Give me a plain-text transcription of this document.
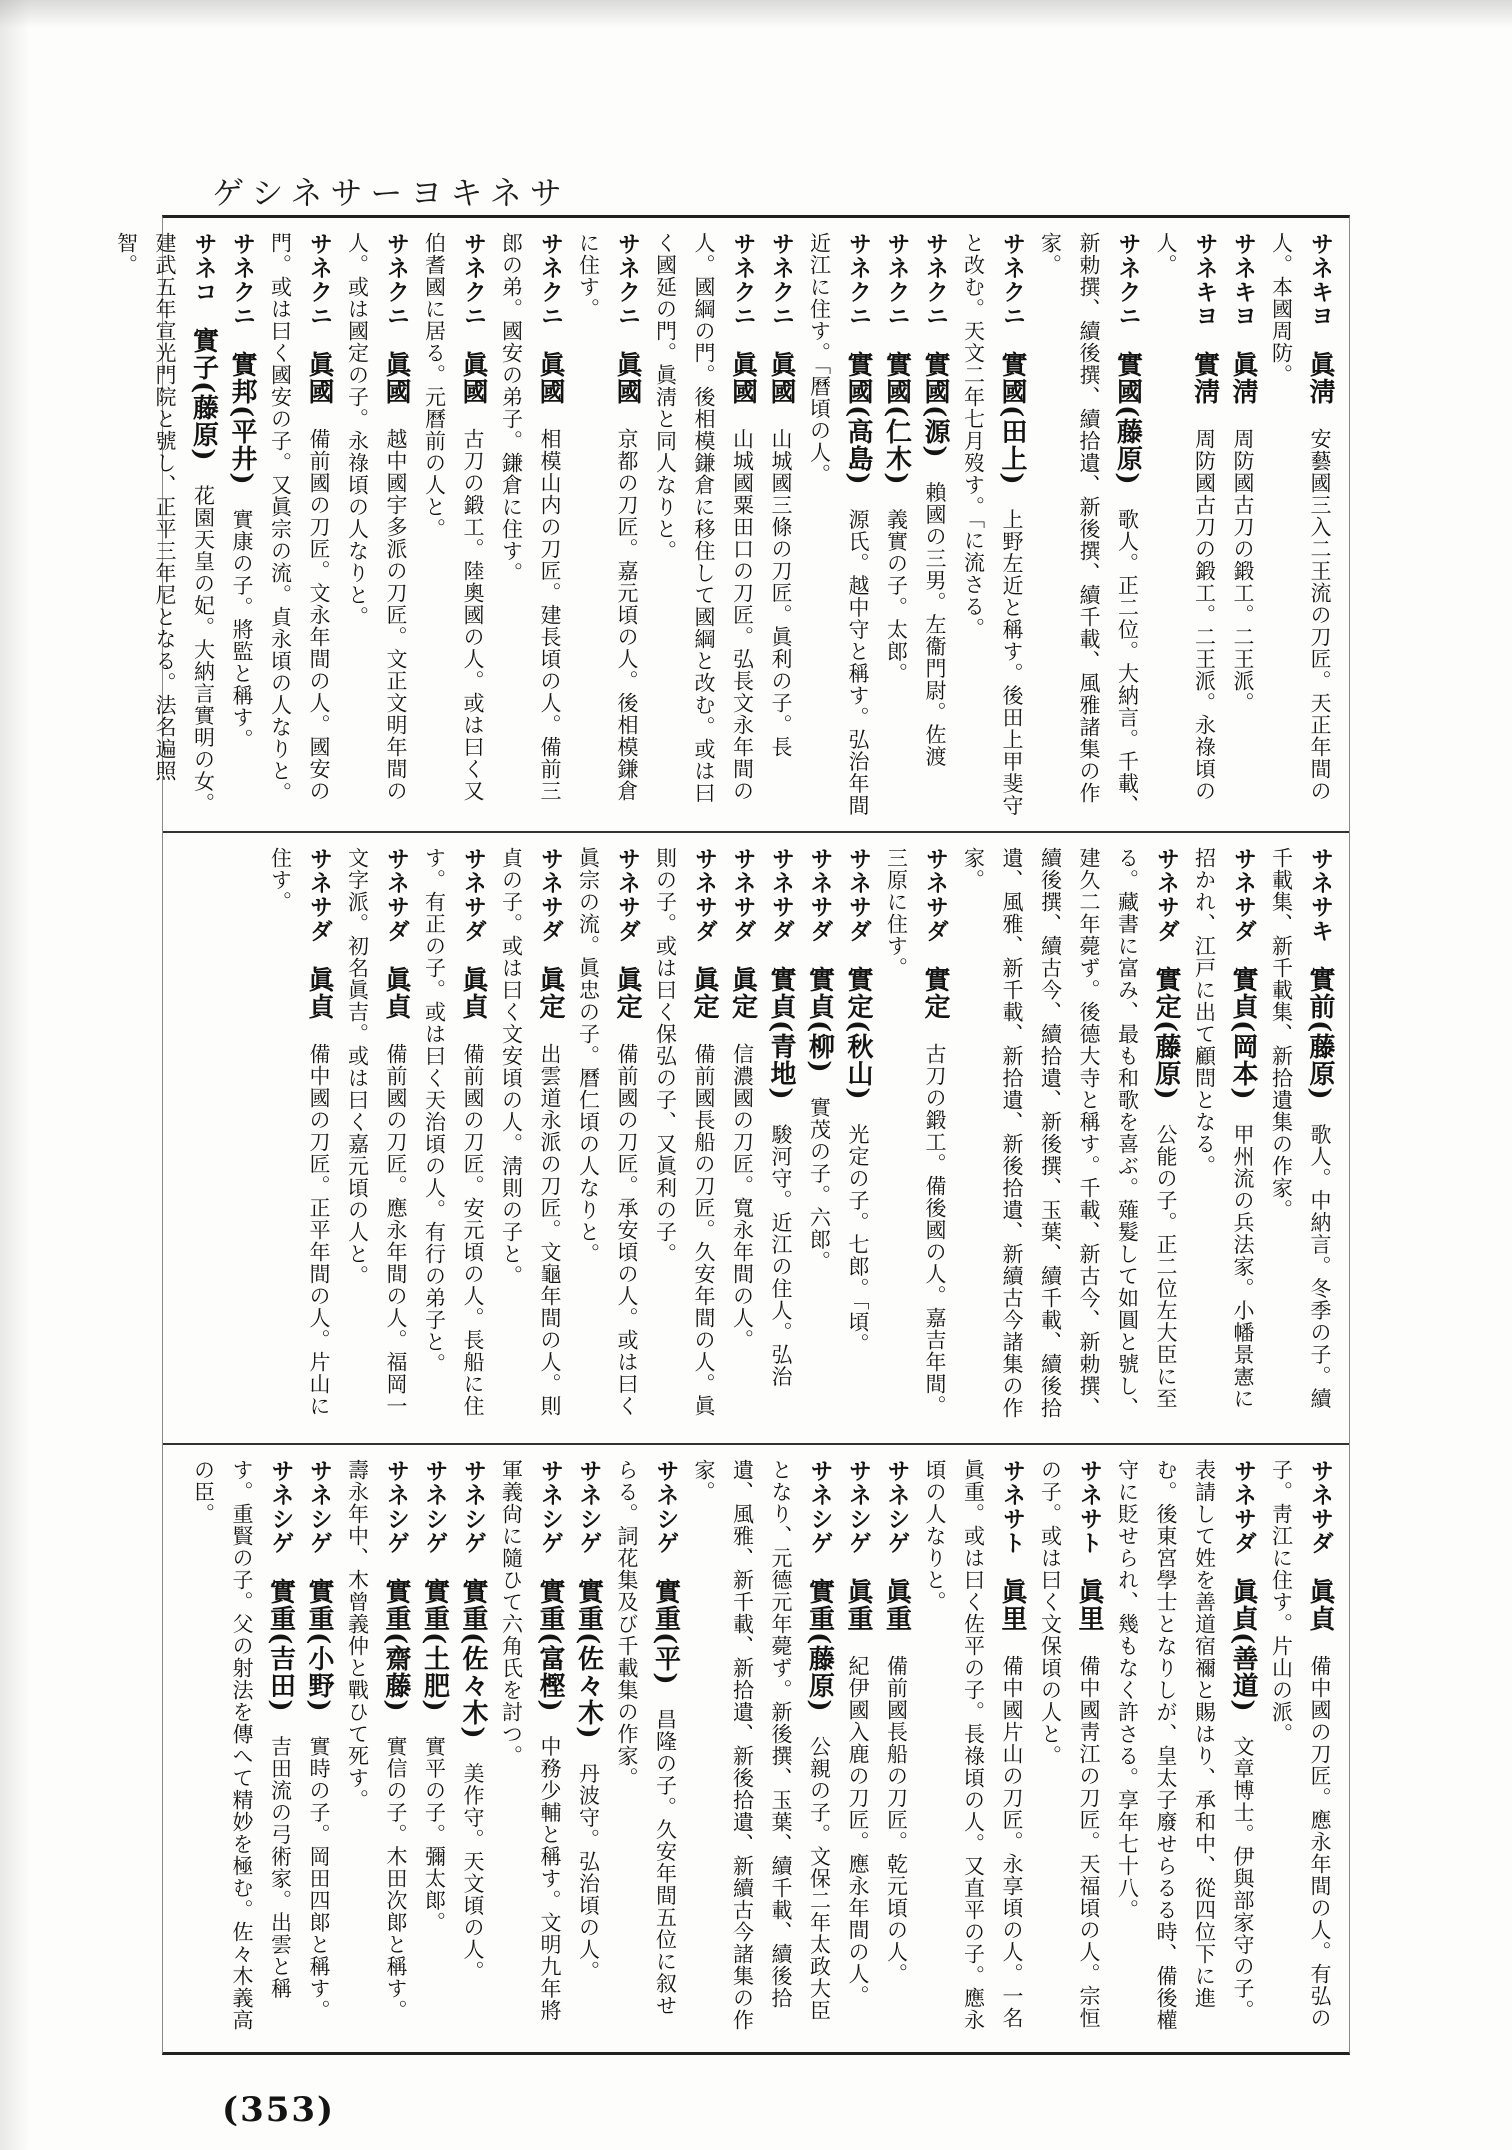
ゲシネサーヨキネサ
サネキヨ　眞淸　安藝國三入二王流の刀匠。天正年間の人。本國周防。
サネキヨ　眞淸　周防國古刀の鍛工。二王派。
サネキヨ　實淸　周防國古刀の鍛工。二王派。永祿頃の人。
サネクニ　實國(藤原)　歌人。正二位。大納言。千載、新勅撰、續後撰、續拾遺、新後撰、續千載、風雅諸集の作家。
サネクニ　實國(田上)　上野左近と稱す。後田上甲斐守と改む。天文二年七月歿す。「に流さる。
サネクニ　實國(源)　賴國の三男。左衞門尉。佐渡
サネクニ　實國(仁木)　義實の子。太郎。
サネクニ　實國(高島)　源氏。越中守と稱す。弘治年間近江に住す。「曆頃の人。
サネクニ　眞國　山城國三條の刀匠。眞利の子。長
サネクニ　眞國　山城國粟田口の刀匠。弘長文永年間の人。國綱の門。後相模鎌倉に移住して國綱と改む。或は曰く國延の門。眞淸と同人なりと。
サネクニ　眞國　京都の刀匠。嘉元頃の人。後相模鎌倉に住す。
サネクニ　眞國　相模山内の刀匠。建長頃の人。備前三郎の弟。國安の弟子。鎌倉に住す。
サネクニ　眞國　古刀の鍛工。陸奧國の人。或は曰く又伯耆國に居る。元曆前の人と。
サネクニ　眞國　越中國宇多派の刀匠。文正文明年間の人。或は國定の子。永祿頃の人なりと。
サネクニ　眞國　備前國の刀匠。文永年間の人。國安の門。或は曰く國安の子。又眞宗の流。貞永頃の人なりと。
サネクニ　實邦(平井)　實康の子。將監と稱す。
サネコ　實子(藤原)　花園天皇の妃。大納言實明の女。建武五年宣光門院と號し、正平三年尼となる。法名遍照智。
サネサキ　實前(藤原)　歌人。中納言。冬季の子。續千載集、新千載集、新拾遺集の作家。
サネサダ　實貞(岡本)　甲州流の兵法家。小幡景憲に招かれ、江戸に出て顧問となる。
サネサダ　實定(藤原)　公能の子。正二位左大臣に至る。藏書に富み、最も和歌を喜ぶ。薙髮して如圓と號し、建久二年薨ず。後德大寺と稱す。千載、新古今、新勅撰、續後撰、續古今、續拾遺、新後撰、玉葉、續千載、續後拾遺、風雅、新千載、新拾遺、新後拾遺、新續古今諸集の作家。
サネサダ　實定　古刀の鍛工。備後國の人。嘉吉年間。三原に住す。
サネサダ　實定(秋山)　光定の子。七郎。「頃。
サネサダ　實貞(柳)　實茂の子。六郎。
サネサダ　實貞(青地)　駿河守。近江の住人。弘治
サネサダ　眞定　信濃國の刀匠。寬永年間の人。
サネサダ　眞定　備前國長船の刀匠。久安年間の人。眞則の子。或は曰く保弘の子、又眞利の子。
サネサダ　眞定　備前國の刀匠。承安頃の人。或は曰く眞宗の流。眞忠の子。曆仁頃の人なりと。
サネサダ　眞定　出雲道永派の刀匠。文龜年間の人。則貞の子。或は曰く文安頃の人。淸則の子と。
サネサダ　眞貞　備前國の刀匠。安元頃の人。長船に住す。有正の子。或は曰く天治頃の人。有行の弟子と。
サネサダ　眞貞　備前國の刀匠。應永年間の人。福岡一文字派。初名眞吉。或は曰く嘉元頃の人と。
サネサダ　眞貞　備中國の刀匠。正平年間の人。片山に住す。
サネサダ　眞貞　備中國の刀匠。應永年間の人。有弘の子。靑江に住す。片山の派。
サネサダ　眞貞(善道)　文章博士。伊與部家守の子。表請して姓を善道宿禰と賜はり、承和中、從四位下に進む。後東宮學士となりしが、皇太子廢せらるる時、備後權守に貶せられ、幾もなく許さる。享年七十八。
サネサト　眞里　備中國靑江の刀匠。天福頃の人。宗恒の子。或は曰く文保頃の人と。
サネサト　眞里　備中國片山の刀匠。永享頃の人。一名眞重。或は曰く佐平の子。長祿頃の人。又直平の子。應永頃の人なりと。
サネシゲ　眞重　備前國長船の刀匠。乾元頃の人。
サネシゲ　眞重　紀伊國入鹿の刀匠。應永年間の人。
サネシゲ　實重(藤原)　公親の子。文保二年太政大臣となり、元德元年薨ず。新後撰、玉葉、續千載、續後拾遺、風雅、新千載、新拾遺、新後拾遺、新續古今諸集の作家。
サネシゲ　實重(平)　昌隆の子。久安年間五位に叙せらる。詞花集及び千載集の作家。
サネシゲ　實重(佐々木)　丹波守。弘治頃の人。
サネシゲ　實重(富樫)　中務少輔と稱す。文明九年將軍義尙に隨ひて六角氏を討つ。
サネシゲ　實重(佐々木)　美作守。天文頃の人。
サネシゲ　實重(土肥)　實平の子。彌太郞。
サネシゲ　實重(齋藤)　實信の子。木田次郞と稱す。壽永年中、木曾義仲と戰ひて死す。
サネシゲ　實重(小野)　實時の子。岡田四郞と稱す。
サネシゲ　實重(吉田)　吉田流の弓術家。出雲と稱す。重賢の子。父の射法を傳へて精妙を極む。佐々木義高の臣。
(353)
